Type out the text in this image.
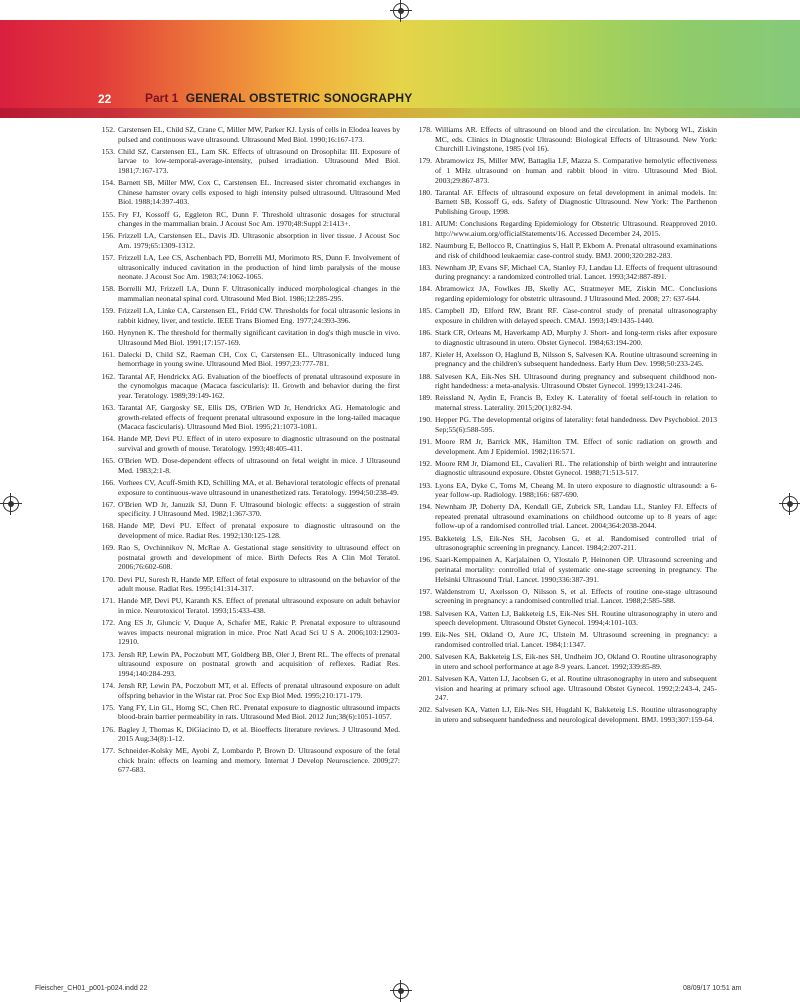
22	Part 1 GENERAL OBSTETRIC SONOGRAPHY
152. Carstensen EL, Child SZ, Crane C, Miller MW, Parker KJ. Lysis of cells in Elodea leaves by pulsed and continuous wave ultrasound. Ultrasound Med Biol. 1990;16:167-173.
153. Child SZ, Carstensen EL, Lam SK. Effects of ultrasound on Drosophila: III. Exposure of larvae to low-temporal-average-intensity, pulsed irradiation. Ultrasound Med Biol. 1981;7:167-173.
154. Barnett SB, Miller MW, Cox C, Carstensen EL. Increased sister chromatid exchanges in Chinese hamster ovary cells exposed to high intensity pulsed ultrasound. Ultrasound Med Biol. 1988;14:397-403.
155. Fry FJ, Kossoff G, Eggleton RC, Dunn F. Threshold ultrasonic dosages for structural changes in the mammalian brain. J Acoust Soc Am. 1970;48:Suppl 2:1413+.
156. Frizzell LA, Carstensen EL, Davis JD. Ultrasonic absorption in liver tissue. J Acoust Soc Am. 1979;65:1309-1312.
157. Frizzell LA, Lee CS, Aschenbach PD, Borrelli MJ, Morimoto RS, Dunn F. Involvement of ultrasonically induced cavitation in the production of hind limb paralysis of the mouse neonate. J Acoust Soc Am. 1983;74:1062-1065.
158. Borrelli MJ, Frizzell LA, Dunn F. Ultrasonically induced morphological changes in the mammalian neonatal spinal cord. Ultrasound Med Biol. 1986;12:285-295.
159. Frizzell LA, Linke CA, Carstensen EL, Fridd CW. Thresholds for focal ultrasonic lesions in rabbit kidney, liver, and testicle. IEEE Trans Biomed Eng. 1977;24:393-396.
160. Hynynen K. The threshold for thermally significant cavitation in dog's thigh muscle in vivo. Ultrasound Med Biol. 1991;17:157-169.
161. Dalecki D, Child SZ, Raeman CH, Cox C, Carstensen EL. Ultrasonically induced lung hemorrhage in young swine. Ultrasound Med Biol. 1997;23:777-781.
162. Tarantal AF, Hendrickx AG. Evaluation of the bioeffects of prenatal ultrasound exposure in the cynomolgus macaque (Macaca fascicularis): II. Growth and behavior during the first year. Teratology. 1989;39:149-162.
163. Tarantal AF, Gargosky SE, Ellis DS, O'Brien WD Jr, Hendrickx AG. Hematologic and growth-related effects of frequent prenatal ultrasound exposure in the long-tailed macaque (Macaca fascicularis). Ultrasound Med Biol. 1995;21:1073-1081.
164. Hande MP, Devi PU. Effect of in utero exposure to diagnostic ultrasound on the postnatal survival and growth of mouse. Teratology. 1993;48:405-411.
165. O'Brien WD. Dose-dependent effects of ultrasound on fetal weight in mice. J Ultrasound Med. 1983;2:1-8.
166. Vorhees CV, Acuff-Smith KD, Schilling MA, et al. Behavioral teratologic effects of prenatal exposure to continuous-wave ultrasound in unanesthetized rats. Teratology. 1994;50:238-49.
167. O'Brien WD Jr, Januzik SJ, Dunn F. Ultrasound biologic effects: a suggestion of strain specificity. J Ultrasound Med. 1982;1:367-370.
168. Hande MP, Devi PU. Effect of prenatal exposure to diagnostic ultrasound on the development of mice. Radiat Res. 1992;130:125-128.
169. Rao S, Ovchinnikov N, McRae A. Gestational stage sensitivity to ultrasound effect on postnatal growth and development of mice. Birth Defects Res A Clin Mol Teratol. 2006;76:602-608.
170. Devi PU, Suresh R, Hande MP. Effect of fetal exposure to ultrasound on the behavior of the adult mouse. Radiat Res. 1995;141:314-317.
171. Hande MP, Devi PU, Karanth KS. Effect of prenatal ultrasound exposure on adult behavior in mice. Neurotoxicol Teratol. 1993;15:433-438.
172. Ang ES Jr, Gluncic V, Duque A, Schafer ME, Rakic P. Prenatal exposure to ultrasound waves impacts neuronal migration in mice. Proc Natl Acad Sci U S A. 2006;103:12903-12910.
173. Jensh RP, Lewin PA, Poczobutt MT, Goldberg BB, Oler J, Brent RL. The effects of prenatal ultrasound exposure on postnatal growth and acquisition of reflexes. Radiat Res. 1994;140:284-293.
174. Jensh RP, Lewin PA, Poczobutt MT, et al. Effects of prenatal ultrasound exposure on adult offspring behavior in the Wistar rat. Proc Soc Exp Biol Med. 1995;210:171-179.
175. Yang FY, Lin GL, Horng SC, Chen RC. Prenatal exposure to diagnostic ultrasound impacts blood-brain barrier permeability in rats. Ultrasound Med Biol. 2012 Jun;38(6):1051-1057.
176. Bagley J, Thomas K, DiGiacinto D, et al. Bioeffects literature reviews. J Ultrasound Med. 2015 Aug;34(8):1-12.
177. Schneider-Kolsky ME, Ayobi Z, Lombardo P, Brown D. Ultrasound exposure of the fetal chick brain: effects on learning and memory. Internat J Develop Neuroscience. 2009;27: 677-683.
178. Williams AR. Effects of ultrasound on blood and the circulation. In: Nyborg WL, Ziskin MC, eds. Clinics in Diagnostic Ultrasound: Biological Effects of Ultrasound. New York: Churchill Livingstone, 1985 (vol 16).
179. Abramowicz JS, Miller MW, Battaglia LF, Mazza S. Comparative hemolytic effectiveness of 1 MHz ultrasound on human and rabbit blood in vitro. Ultrasound Med Biol. 2003;29:867-873.
180. Tarantal AF. Effects of ultrasound exposure on fetal development in animal models. In: Barnett SB, Kossoff G, eds. Safety of Diagnostic Ultrasound. New York: The Parthenon Publishing Group, 1998.
181. AIUM: Conclusions Regarding Epidemiology for Obstetric Ultrasound. Reapproved 2010. http://www.aium.org/officialStatements/16. Accessed December 24, 2015.
182. Naumburg E, Bellocco R, Cnattingius S, Hall P, Ekbom A. Prenatal ultrasound examinations and risk of childhood leukaemia: case-control study. BMJ. 2000;320:282-283.
183. Newnham JP, Evans SF, Michael CA, Stanley FJ, Landau LI. Effects of frequent ultrasound during pregnancy: a randomized controlled trial. Lancet. 1993;342:887-891.
184. Abramowicz JA, Fowlkes JB, Skelly AC, Stratmeyer ME, Ziskin MC. Conclusions regarding epidemiology for obstetric ultrasound. J Ultrasound Med. 2008; 27: 637-644.
185. Campbell JD, Elford RW, Brant RF. Case-control study of prenatal ultrasonography exposure in children with delayed speech. CMAJ. 1993;149:1435-1440.
186. Stark CR, Orleans M, Haverkamp AD, Murphy J. Short- and long-term risks after exposure to diagnostic ultrasound in utero. Obstet Gynecol. 1984;63:194-200.
187. Kieler H, Axelsson O, Haglund B, Nilsson S, Salvesen KA. Routine ultrasound screening in pregnancy and the children's subsequent handedness. Early Hum Dev. 1998;50:233-245.
188. Salvesen KA, Eik-Nes SH. Ultrasound during pregnancy and subsequent childhood non-right handedness: a meta-analysis. Ultrasound Obstet Gynecol. 1999;13:241-246.
189. Reissland N, Aydin E, Francis B, Exley K. Laterality of foetal self-touch in relation to maternal stress. Laterality. 2015;20(1):82-94.
190. Hepper PG. The developmental origins of laterality: fetal handedness. Dev Psychobiol. 2013 Sep;55(6):588-595.
191. Moore RM Jr, Barrick MK, Hamilton TM. Effect of sonic radiation on growth and development. Am J Epidemiol. 1982;116:571.
192. Moore RM Jr, Diamond EL, Cavalieri RL. The relationship of birth weight and intrauterine diagnostic ultrasound exposure. Obstet Gynecol. 1988;71:513-517.
193. Lyons EA, Dyke C, Toms M, Cheang M. In utero exposure to diagnostic ultrasound: a 6-year follow-up. Radiology. 1988;166: 687-690.
194. Newnham JP, Doherty DA, Kendall GE, Zubrick SR, Landau LL, Stanley FJ. Effects of repeated prenatal ultrasound examinations on childhood outcome up to 8 years of age: follow-up of a randomised controlled trial. Lancet. 2004;364:2038-2044.
195. Bakketeig LS, Eik-Nes SH, Jacobsen G, et al. Randomised controlled trial of ultrasonographic screening in pregnancy. Lancet. 1984;2:207-211.
196. Saari-Kemppainen A, Karjalainen O, Ylostalo P, Heinonen OP. Ultrasound screening and perinatal mortality: controlled trial of systematic one-stage screening in pregnancy. The Helsinki Ultrasound Trial. Lancet. 1990;336:387-391.
197. Waldenstrom U, Axelsson O, Nilsson S, et al. Effects of routine one-stage ultrasound screening in pregnancy: a randomised controlled trial. Lancet. 1988;2:585-588.
198. Salvesen KA, Vatten LJ, Bakketeig LS, Eik-Nes SH. Routine ultrasonography in utero and speech development. Ultrasound Obstet Gynecol. 1994;4:101-103.
199. Eik-Nes SH, Okland O, Aure JC, Ulstein M. Ultrasound screening in pregnancy: a randomised controlled trial. Lancet. 1984;1:1347.
200. Salvesen KA, Bakketeig LS, Eik-nes SH, Undheim JO, Okland O. Routine ultrasonography in utero and school performance at age 8-9 years. Lancet. 1992;339:85-89.
201. Salvesen KA, Vatten LJ, Jacobsen G, et al. Routine ultrasonography in utero and subsequent vision and hearing at primary school age. Ultrasound Obstet Gynecol. 1992;2:243-4, 245-247.
202. Salvesen KA, Vatten LJ, Eik-Nes SH, Hugdahl K, Bakketeig LS. Routine ultrasonography in utero and subsequent handedness and neurological development. BMJ. 1993;307:159-64.
Fleischer_CH01_p001-p024.indd 22	08/09/17 10:51 am
